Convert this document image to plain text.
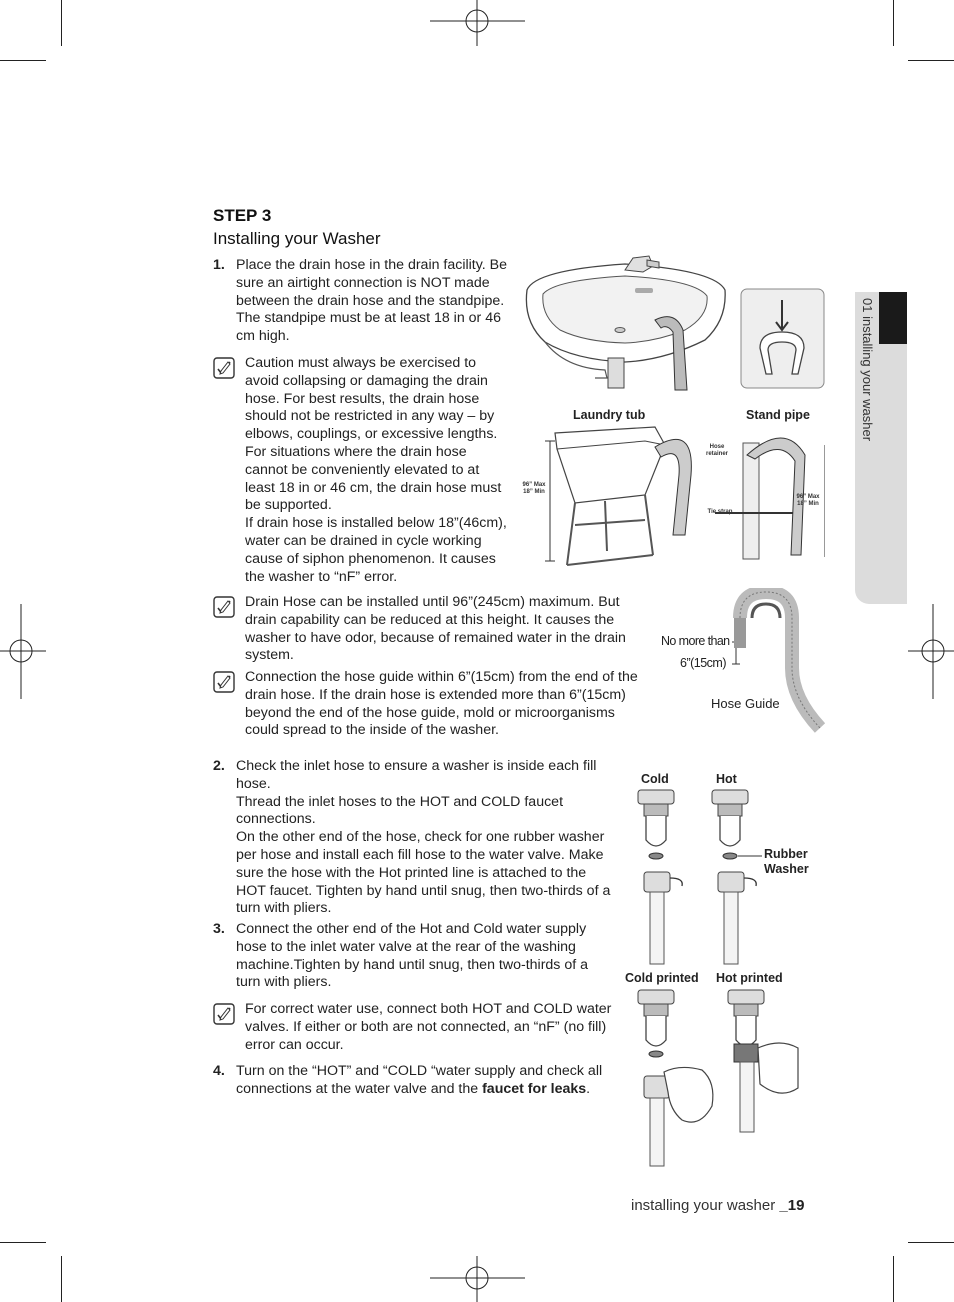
STEP 3
Installing your Washer
1. Place the drain hose in the drain facility. Be
sure an airtight connection is NOT made
between the drain hose and the standpipe.
The standpipe must be at least 18 in or 46
cm high.
Caution must always be exercised to
avoid collapsing or damaging the drain
hose. For best results, the drain hose
should not be restricted in any way – by
elbows, couplings, or excessive lengths.
For situations where the drain hose
cannot be conveniently elevated to at
least 18 in or 46 cm, the drain hose must
be supported.
If drain hose is installed below 18”(46cm),
water can be drained in cycle working
cause of siphon phenomenon. It causes
the washer to “nF” error.
Drain Hose can be installed until 96”(245cm) maximum. But
drain capability can be reduced at this height. It causes the
washer to have odor, because of remained water in the drain
system.
Connection the hose guide within 6”(15cm) from the end of the
drain hose. If the drain hose is extended more than 6”(15cm)
beyond the end of the hose guide, mold or microorganisms
could spread to the inside of the washer.
2. Check the inlet hose to ensure a washer is inside each fill
hose.
Thread the inlet hoses to the HOT and COLD faucet
connections.
On the other end of the hose, check for one rubber washer
per hose and install each fill hose to the water valve. Make
sure the hose with the Hot printed line is attached to the
HOT faucet. Tighten by hand until snug, then two-thirds of a
turn with pliers.
3. Connect the other end of the Hot and Cold water supply
hose to the inlet water valve at the rear of the washing
machine.Tighten by hand until snug, then two-thirds of a
turn with pliers.
For correct water use, connect both HOT and COLD water
valves. If either or both are not connected, an “nF” (no fill)
error can occur.
4. Turn on the “HOT” and “COLD “water supply and check all
connections at the water valve and the faucet for leaks.
Laundry tub	Stand pipe
Hose retainer
Tie strap
96” Max
18” Min
96” Max
18” Min
No more than
6”(15cm)
Hose Guide
Cold	Hot
Rubber
Washer
Cold printed Hot printed
01 installing your washer
installing your washer _19
